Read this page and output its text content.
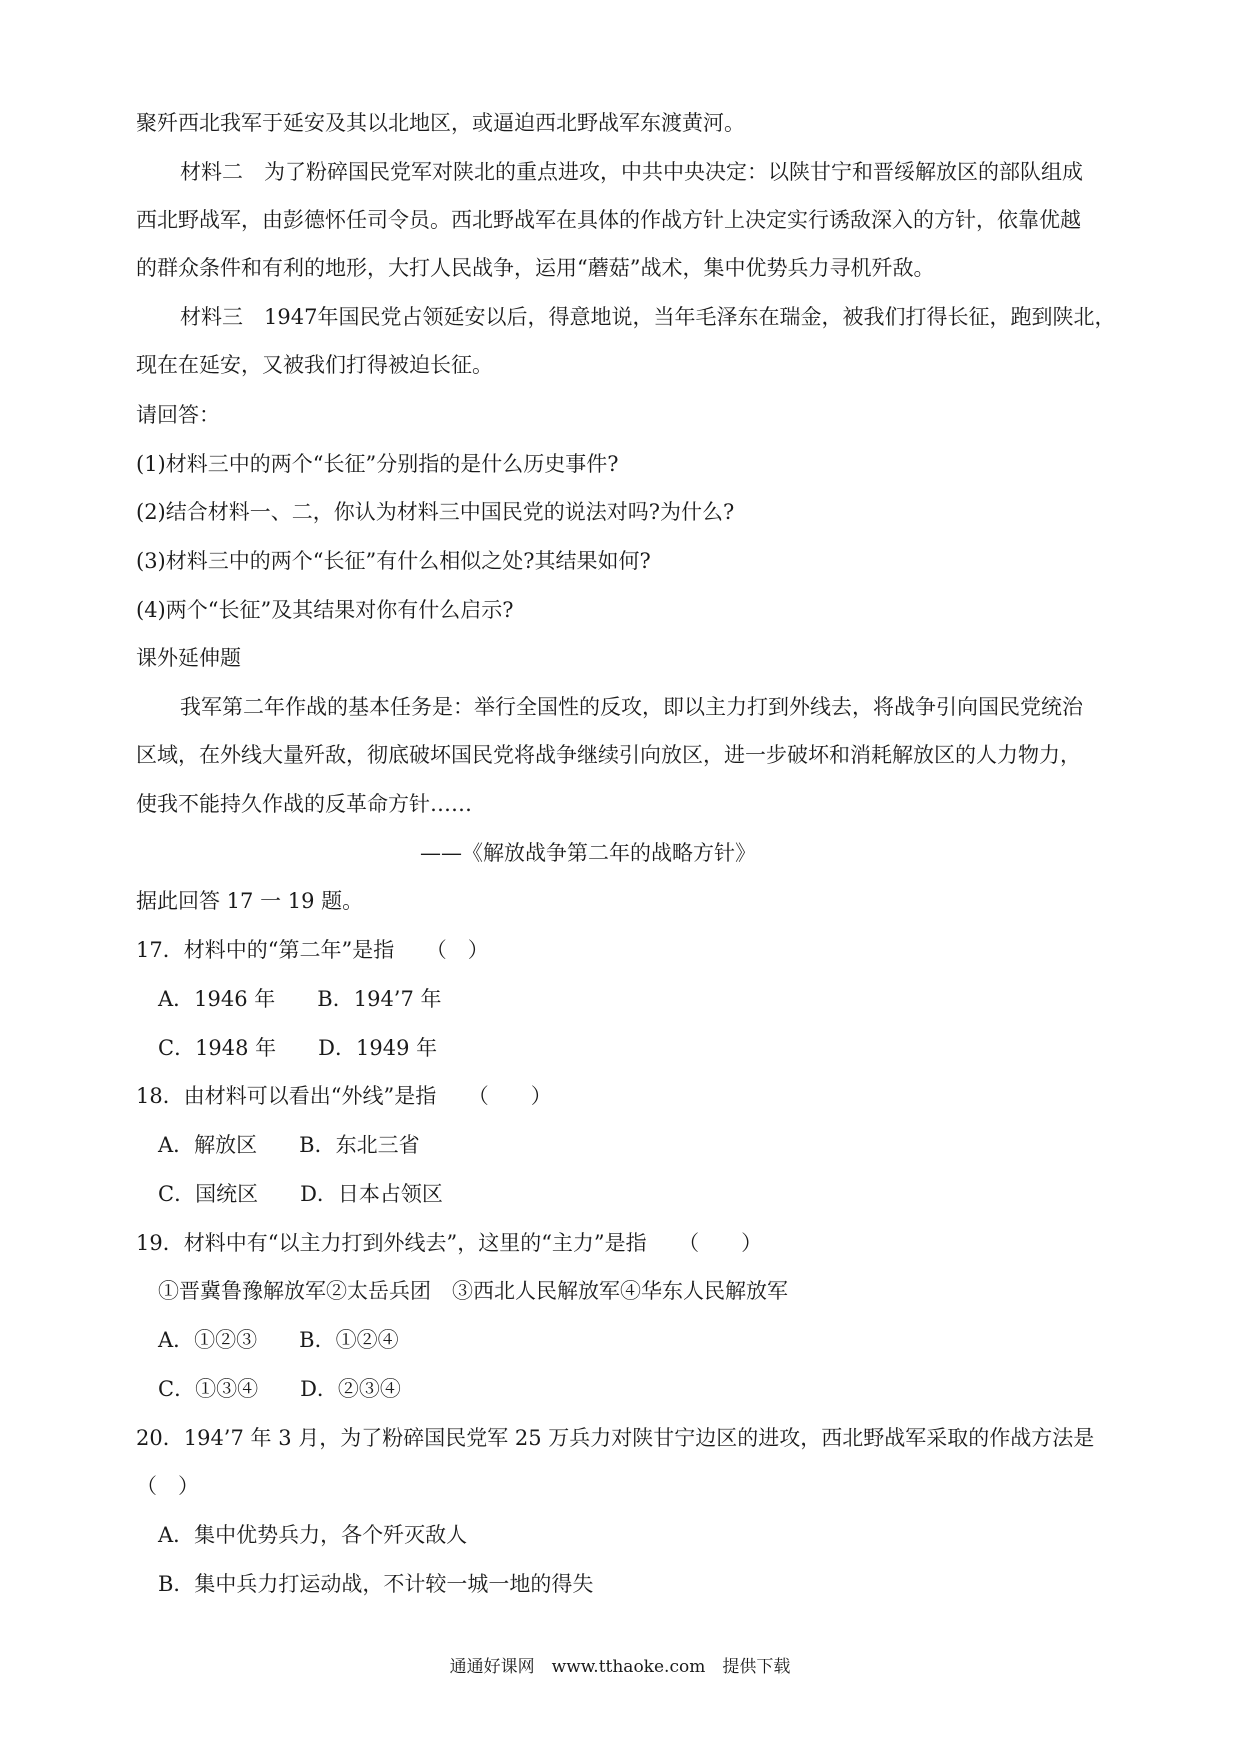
聚歼西北我军于延安及其以北地区，或逼迫西北野战军东渡黄河。
材料二　为了粉碎国民党军对陕北的重点进攻，中共中央决定：以陕甘宁和晋绥解放区的部队组成
西北野战军，由彭德怀任司令员。西北野战军在具体的作战方针上决定实行诱敌深入的方针，依靠优越
的群众条件和有利的地形，大打人民战争，运用“蘑菇”战术，集中优势兵力寻机歼敌。
材料三　1947年国民党占领延安以后，得意地说，当年毛泽东在瑞金，被我们打得长征，跑到陕北，
现在在延安，又被我们打得被迫长征。
请回答：
(1)材料三中的两个“长征”分别指的是什么历史事件?
(2)结合材料一、二，你认为材料三中国民党的说法对吗?为什么?
(3)材料三中的两个“长征”有什么相似之处?其结果如何?
(4)两个“长征”及其结果对你有什么启示?
课外延伸题
我军第二年作战的基本任务是：举行全国性的反攻，即以主力打到外线去，将战争引向国民党统治
区域，在外线大量歼敌，彻底破坏国民党将战争继续引向放区，进一步破坏和消耗解放区的人力物力，
使我不能持久作战的反革命方针……
——《解放战争第二年的战略方针》
据此回答 17 一 19 题。
17．材料中的“第二年”是指　　（　）
A．1946 年　　B．194’7 年
C．1948 年　　D．1949 年
18．由材料可以看出“外线”是指　　（　　）
A．解放区　　B．东北三省
C．国统区　　D．日本占领区
19．材料中有“以主力打到外线去”，这里的“主力”是指　　（　　）
①晋冀鲁豫解放军②太岳兵团　③西北人民解放军④华东人民解放军
A．①②③　　B．①②④
C．①③④　　D．②③④
20．194’7 年 3 月，为了粉碎国民党军 25 万兵力对陕甘宁边区的进攻，西北野战军采取的作战方法是
（　）
A．集中优势兵力，各个歼灭敌人
B．集中兵力打运动战，不计较一城一地的得失
通通好课网　www.tthaoke.com　提供下载
